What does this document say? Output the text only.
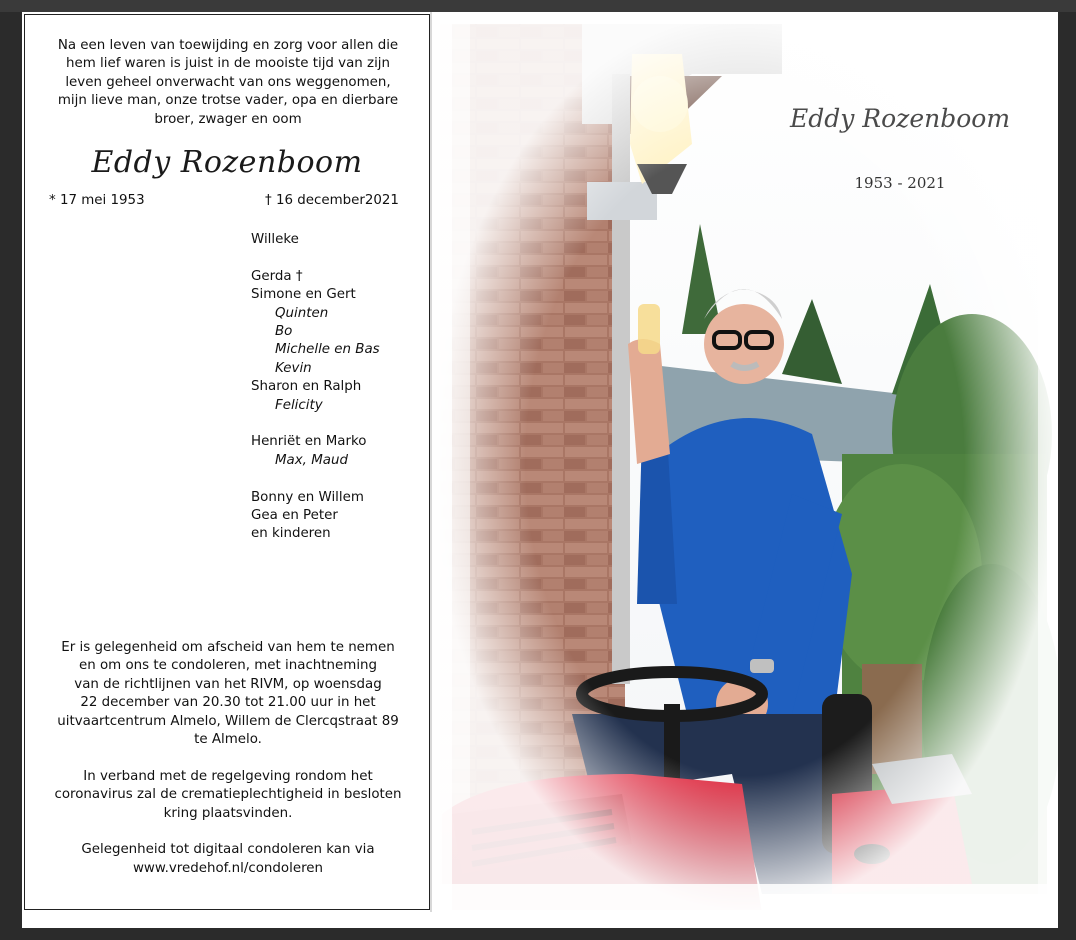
Na een leven van toewijding en zorg voor allen die
hem lief waren is juist in de mooiste tijd van zijn
leven geheel onverwacht van ons weggenomen,
mijn lieve man, onze trotse vader, opa en dierbare
broer, zwager en oom
Eddy Rozenboom
* 17 mei 1953	† 16 december2021
Willeke
Gerda †
Simone en Gert
Quinten
Bo
Michelle en Bas
Kevin
Sharon en Ralph
Felicity
Henriët en Marko
Max, Maud
Bonny en Willem
Gea en Peter
en kinderen

Er is gelegenheid om afscheid van hem te nemen
en om ons te condoleren, met inachtneming
van de richtlijnen van het RIVM, op woensdag
22 december van 20.30 tot 21.00 uur in het
uitvaartcentrum Almelo, Willem de Clercqstraat 89
te Almelo.

In verband met de regelgeving rondom het
coronavirus zal de crematieplechtigheid in besloten
kring plaatsvinden.

Gelegenheid tot digitaal condoleren kan via
www.vredehof.nl/condoleren

Eddy Rozenboom
1953 - 2021
